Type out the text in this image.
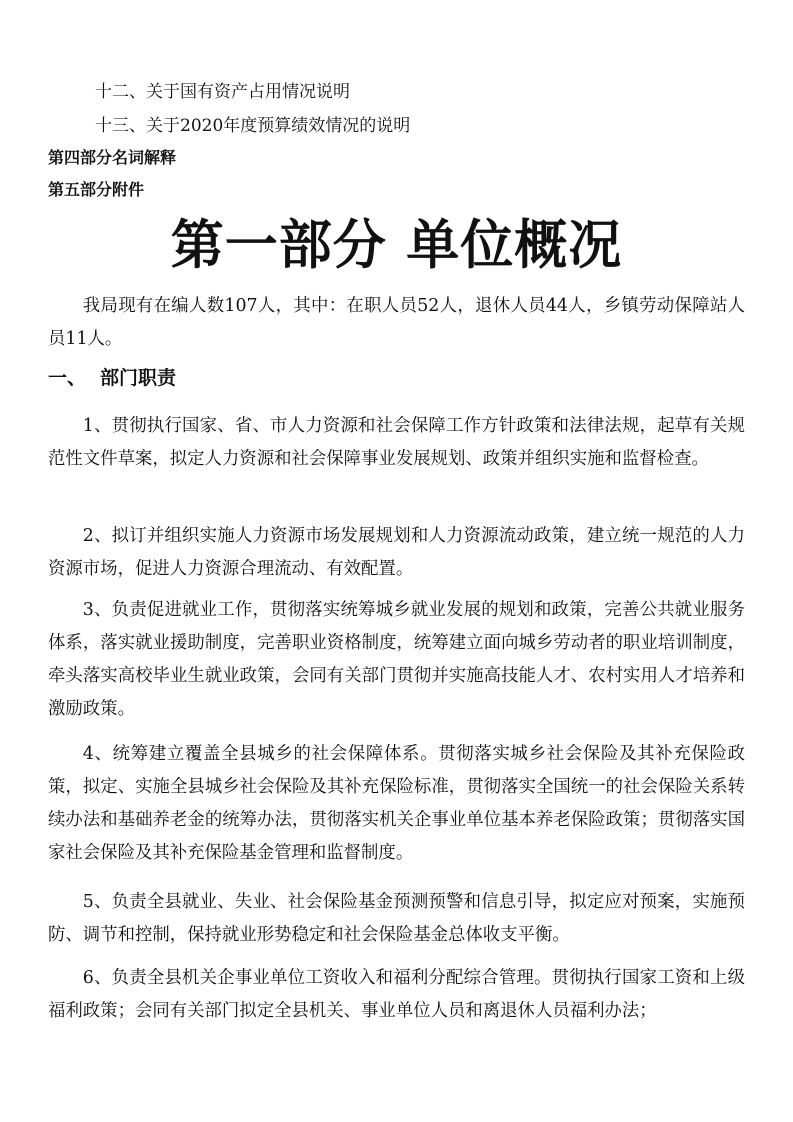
十二、关于国有资产占用情况说明
十三、关于2020年度预算绩效情况的说明
第四部分名词解释
第五部分附件
第一部分 单位概况

我局现有在编人数107人，其中：在职人员52人，退休人员44人，乡镇劳动保障站人员11人。

一、 部门职责

1、贯彻执行国家、省、市人力资源和社会保障工作方针政策和法律法规，起草有关规范性文件草案，拟定人力资源和社会保障事业发展规划、政策并组织实施和监督检查。

2、拟订并组织实施人力资源市场发展规划和人力资源流动政策，建立统一规范的人力资源市场，促进人力资源合理流动、有效配置。

3、负责促进就业工作，贯彻落实统筹城乡就业发展的规划和政策，完善公共就业服务体系，落实就业援助制度，完善职业资格制度，统筹建立面向城乡劳动者的职业培训制度，牵头落实高校毕业生就业政策，会同有关部门贯彻并实施高技能人才、农村实用人才培养和激励政策。

4、统筹建立覆盖全县城乡的社会保障体系。贯彻落实城乡社会保险及其补充保险政策，拟定、实施全县城乡社会保险及其补充保险标准，贯彻落实全国统一的社会保险关系转续办法和基础养老金的统筹办法，贯彻落实机关企事业单位基本养老保险政策；贯彻落实国家社会保险及其补充保险基金管理和监督制度。

5、负责全县就业、失业、社会保险基金预测预警和信息引导，拟定应对预案，实施预防、调节和控制，保持就业形势稳定和社会保险基金总体收支平衡。

6、负责全县机关企事业单位工资收入和福利分配综合管理。贯彻执行国家工资和上级福利政策；会同有关部门拟定全县机关、事业单位人员和离退休人员福利办法；
